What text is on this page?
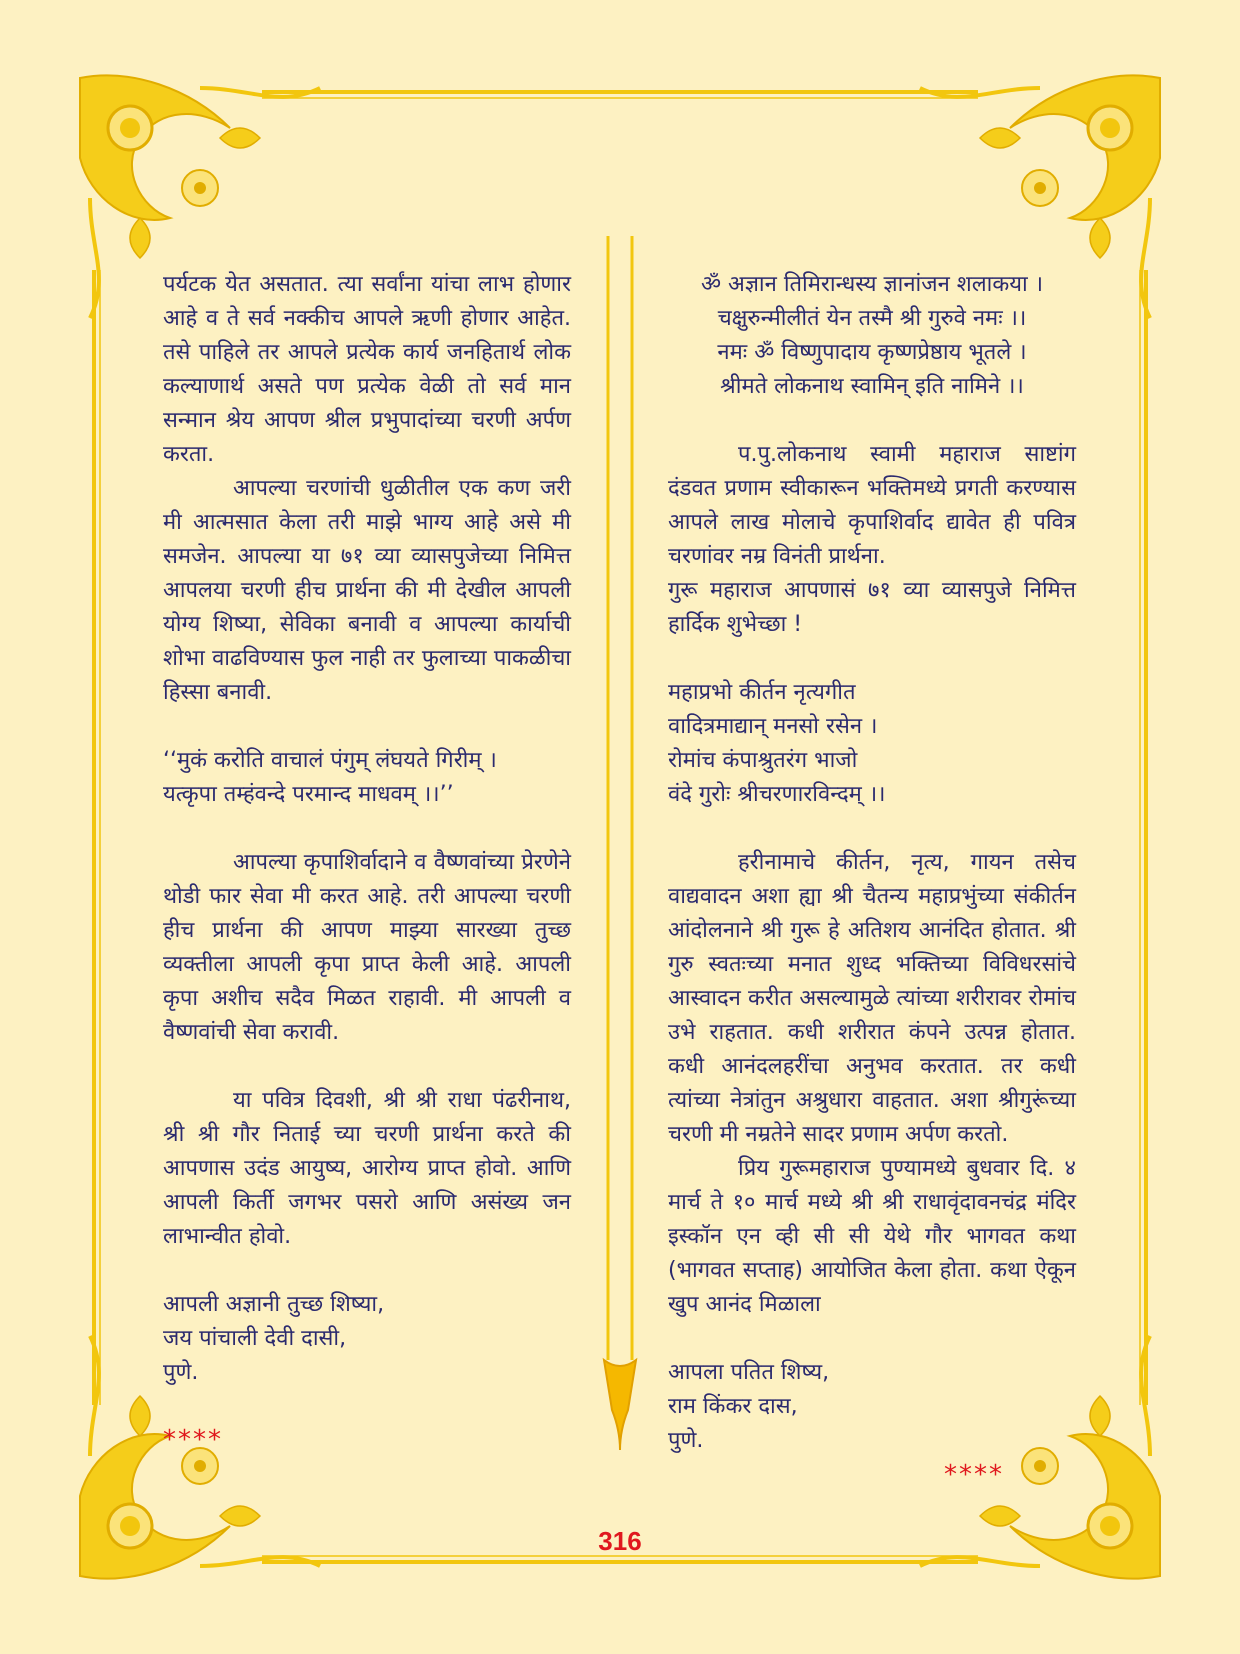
पर्यटक येत असतात. त्या सर्वांना यांचा लाभ होणार आहे व ते सर्व नक्कीच आपले ऋणी होणार आहेत. तसे पाहिले तर आपले प्रत्येक कार्य जनहितार्थ लोक कल्याणार्थ असते पण प्रत्येक वेळी तो सर्व मान सन्मान श्रेय आपण श्रील प्रभुपादांच्या चरणी अर्पण करता.

आपल्या चरणांची धुळीतील एक कण जरी मी आत्मसात केला तरी माझे भाग्य आहे असे मी समजेन. आपल्या या ७१ व्या व्यासपुजेच्या निमित्त आपलया चरणी हीच प्रार्थना की मी देखील आपली योग्य शिष्या, सेविका बनावी व आपल्या कार्याची शोभा वाढविण्यास फुल नाही तर फुलाच्या पाकळीचा हिस्सा बनावी.

‘‘मुकं करोति वाचालं पंगुम् लंघयते गिरीम् ।

यत्कृपा तम्हंवन्दे परमान्द माधवम् ।।’’

आपल्या कृपाशिर्वादाने व वैष्णवांच्या प्रेरणेने थोडी फार सेवा मी करत आहे. तरी आपल्या चरणी हीच प्रार्थना की आपण माझ्या सारख्या तुच्छ व्यक्तीला आपली कृपा प्राप्त केली आहे. आपली कृपा अशीच सदैव मिळत राहावी. मी आपली व वैष्णवांची सेवा करावी.

या पवित्र दिवशी, श्री श्री राधा पंढरीनाथ, श्री श्री गौर निताई च्या चरणी प्रार्थना करते की आपणास उदंड आयुष्य, आरोग्य प्राप्त होवो. आणि आपली किर्ती जगभर पसरो आणि असंख्य जन लाभान्वीत होवो.

आपली अज्ञानी तुच्छ शिष्या,

जय पांचाली देवी दासी,

पुणे.

****

ॐ अज्ञान तिमिरान्धस्य ज्ञानांजन शलाकया ।

चक्षुरुन्मीलीतं येन तस्मै श्री गुरुवे नमः ।।

नमः ॐ विष्णुपादाय कृष्णप्रेष्ठाय भूतले ।

श्रीमते लोकनाथ स्वामिन् इति नामिने ।।

प.पु.लोकनाथ स्वामी महाराज साष्टांग दंडवत प्रणाम स्वीकारून भक्तिमध्ये प्रगती करण्यास आपले लाख मोलाचे कृपाशिर्वाद द्यावेत ही पवित्र चरणांवर नम्र विनंती प्रार्थना.

गुरू महाराज आपणासं ७१ व्या व्यासपुजे निमित्त हार्दिक शुभेच्छा !

महाप्रभो कीर्तन नृत्यगीत

वादित्रमाद्यान् मनसो रसेन ।

रोमांच कंपाश्रुतरंग भाजो

वंदे गुरोः श्रीचरणारविन्दम् ।।

हरीनामाचे कीर्तन, नृत्य, गायन तसेच वाद्यवादन अशा ह्या श्री चैतन्य महाप्रभुंच्या संकीर्तन आंदोलनाने श्री गुरू हे अतिशय आनंदित होतात. श्री गुरु स्वतःच्या मनात शुध्द भक्तिच्या विविधरसांचे आस्वादन करीत असल्यामुळे त्यांच्या शरीरावर रोमांच उभे राहतात. कधी शरीरात कंपने उत्पन्न होतात. कधी आनंदलहरींचा अनुभव करतात. तर कधी त्यांच्या नेत्रांतुन अश्रुधारा वाहतात. अशा श्रीगुरूंच्या चरणी मी नम्रतेने सादर प्रणाम अर्पण करतो.

प्रिय गुरूमहाराज पुण्यामध्ये बुधवार दि. ४ मार्च ते १० मार्च मध्ये श्री श्री राधावृंदावनचंद्र मंदिर इस्कॉन एन व्ही सी सी येथे गौर भागवत कथा (भागवत सप्ताह) आयोजित केला होता. कथा ऐकून खुप आनंद मिळाला

आपला पतित शिष्य,

राम किंकर दास,

पुणे.

****
316
